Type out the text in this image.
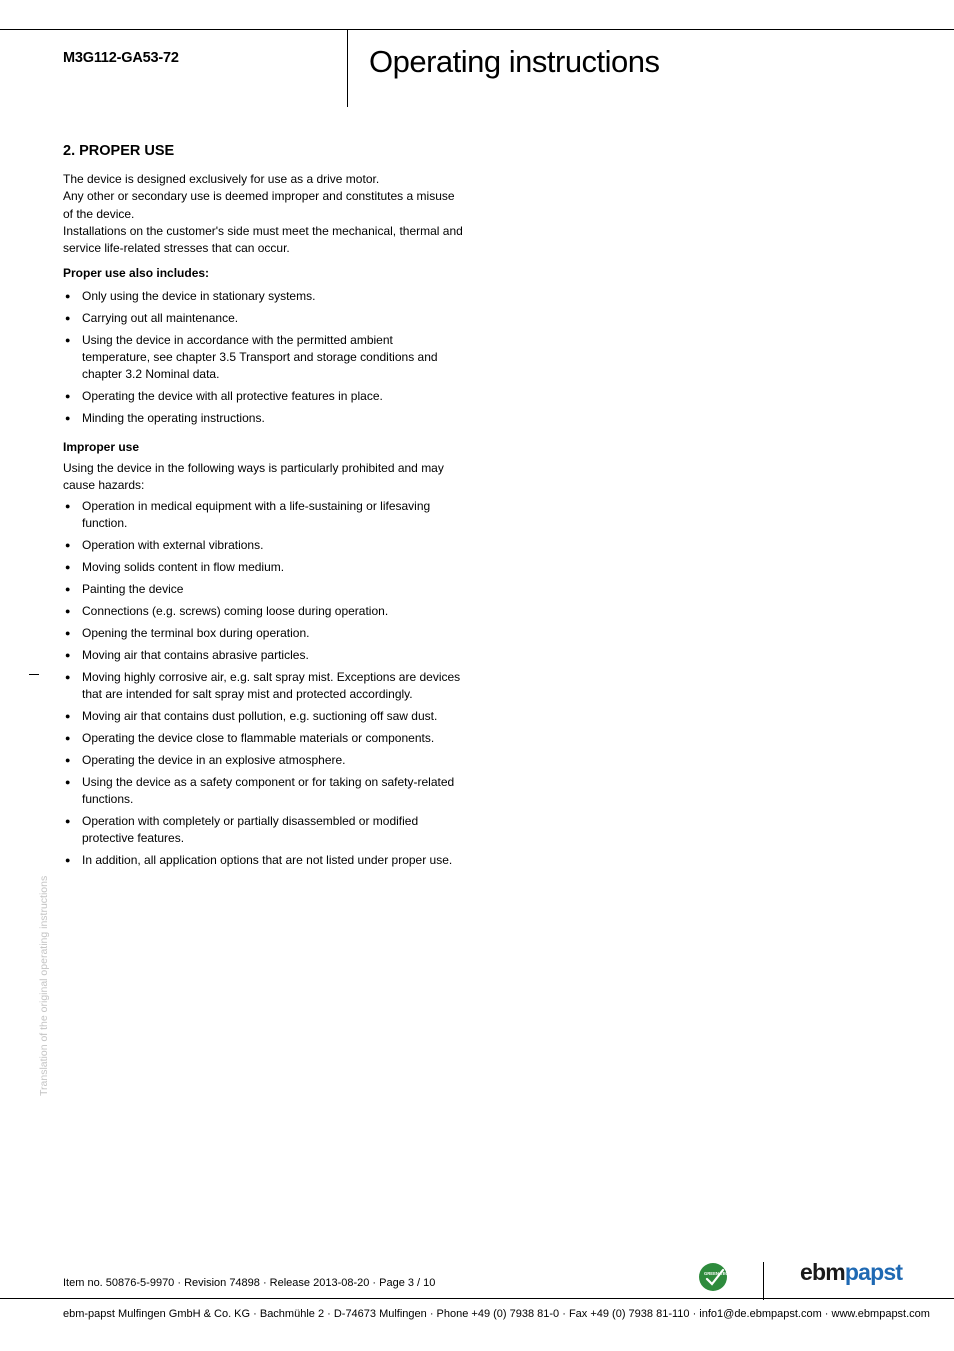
M3G112-GA53-72	Operating instructions
2. PROPER USE

The device is designed exclusively for use as a drive motor.

Any other or secondary use is deemed improper and constitutes a misuse of the device.

Installations on the customer's side must meet the mechanical, thermal and service life-related stresses that can occur.

Proper use also includes:

● Only using the device in stationary systems.
● Carrying out all maintenance.
● Using the device in accordance with the permitted ambient temperature, see chapter 3.5 Transport and storage conditions and chapter 3.2 Nominal data.
● Operating the device with all protective features in place.
● Minding the operating instructions.

Improper use

Using the device in the following ways is particularly prohibited and may cause hazards:

● Operation in medical equipment with a life-sustaining or lifesaving function.
● Operation with external vibrations.
● Moving solids content in flow medium.
● Painting the device
● Connections (e.g. screws) coming loose during operation.
● Opening the terminal box during operation.
● Moving air that contains abrasive particles.
● Moving highly corrosive air, e.g. salt spray mist. Exceptions are devices that are intended for salt spray mist and protected accordingly.
● Moving air that contains dust pollution, e.g. suctioning off saw dust.
● Operating the device close to flammable materials or components.
● Operating the device in an explosive atmosphere.
● Using the device as a safety component or for taking on safety-related functions.
● Operation with completely or partially disassembled or modified protective features.
● In addition, all application options that are not listed under proper use.
Translation of the original operating instructions
Item no. 50876-5-9970 · Revision 74898 · Release 2013-08-20 · Page 3 / 10
GREEN TECH	ebmpapst
ebm-papst Mulfingen GmbH & Co. KG · Bachmühle 2 · D-74673 Mulfingen · Phone +49 (0) 7938 81-0 · Fax +49 (0) 7938 81-110 · info1@de.ebmpapst.com · www.ebmpapst.com
